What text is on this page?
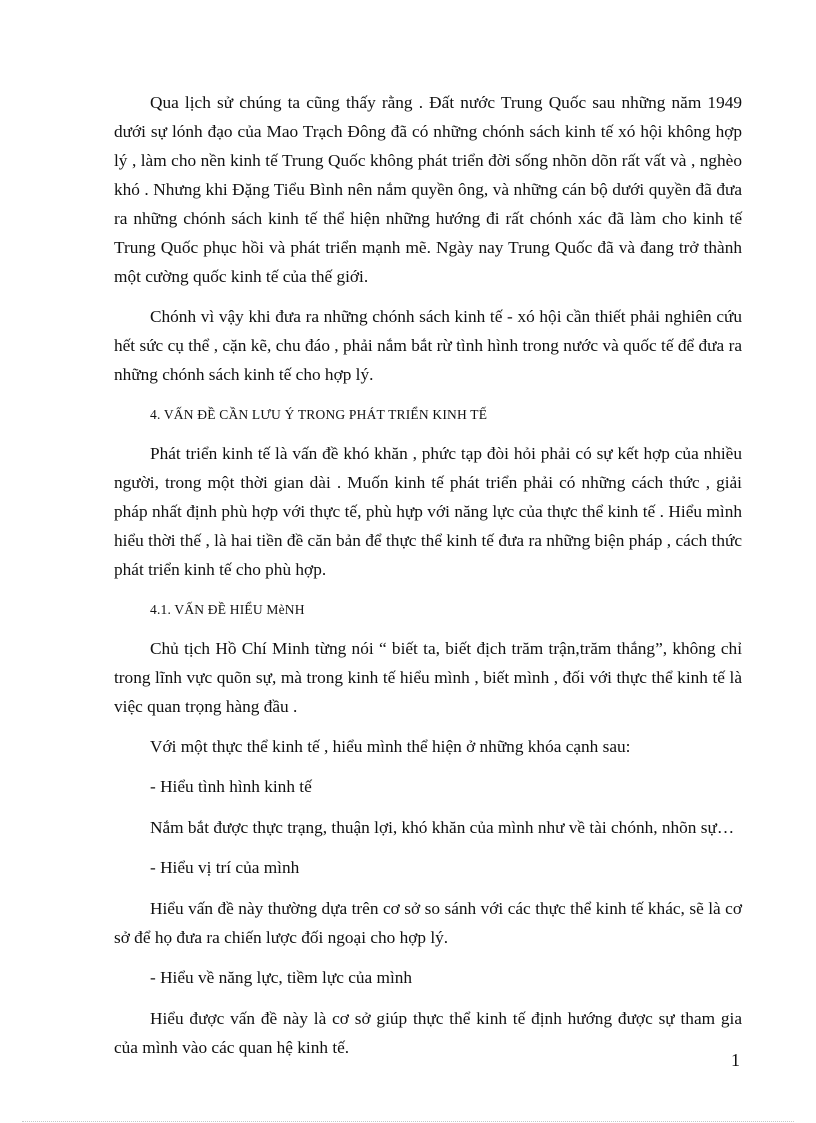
Qua lịch sử chúng ta cũng thấy rằng . Đất nước Trung Quốc sau những năm 1949 dưới sự lónh đạo của Mao Trạch Đông đã có những chónh sách kinh tế xó hội không hợp lý , làm cho nền kinh tế Trung Quốc không phát triển đời sống nhõn dõn rất vất và , nghèo khó . Nhưng khi Đặng Tiểu Bình nên nắm quyền ông, và những cán bộ dưới quyền đã đưa ra những chónh sách kinh tế thể hiện những hướng đi rất chónh xác đã làm cho kinh tế Trung Quốc phục hồi và phát triển mạnh mẽ. Ngày nay Trung Quốc đã và đang trở thành một cường quốc kinh tế của thế giới.

Chónh vì vậy khi đưa ra những chónh sách kinh tế - xó hội cần thiết phải nghiên cứu hết sức cụ thể , cặn kẽ, chu đáo , phải nắm bắt rừ tình hình trong nước và quốc tế để đưa ra những chónh sách kinh tế cho hợp lý.

4. VẤN ĐỀ CẦN LƯU Ý TRONG PHÁT TRIỂN KINH TẾ

Phát triển kinh tế là vấn đề khó khăn , phức tạp đòi hỏi phải có sự kết hợp của nhiều người, trong một thời gian dài . Muốn kinh tế phát triển phải có những cách thức , giải pháp nhất định phù hợp với thực tế, phù hựp với năng lực của thực thể kinh tế . Hiểu mình hiểu thời thế , là hai tiền đề căn bản để thực thể kinh tế đưa ra những biện pháp , cách thức phát triển kinh tế cho phù hợp.

4.1. VẤN ĐỀ HIỂU MèNH

Chủ tịch Hồ Chí Minh từng nói “ biết ta, biết địch trăm trận,trăm thắng”, không chỉ trong lĩnh vực quõn sự, mà trong kinh tế hiểu mình , biết mình , đối với thực thể kinh tế là việc quan trọng hàng đầu .

Với một thực thể kinh tế , hiểu mình thể hiện ở những khóa cạnh sau:

- Hiểu tình hình kinh tế

Nắm bắt được thực trạng, thuận lợi, khó khăn của mình như về tài chónh, nhõn sự…

- Hiểu vị trí của mình

Hiểu vấn đề này thường dựa trên cơ sở so sánh với các thực thể kinh tế khác, sẽ là cơ sở để họ đưa ra chiến lược đối ngoại cho hợp lý.

- Hiểu về năng lực, tiềm lực của mình

Hiểu được vấn đề này là cơ sở giúp thực thể kinh tế định hướng được sự tham gia của mình vào các quan hệ kinh tế.

1
